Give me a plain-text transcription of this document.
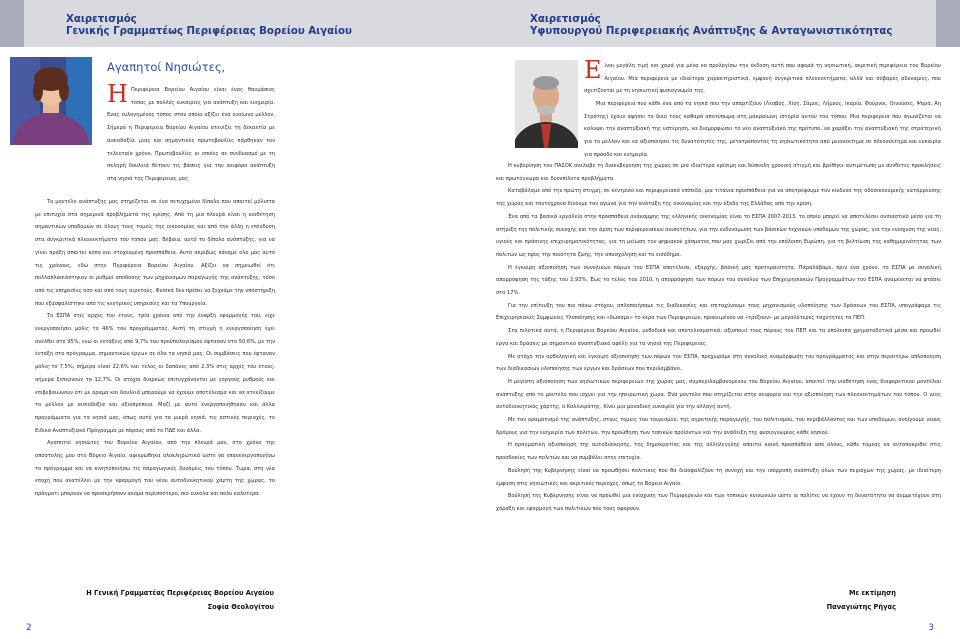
Χαιρετισμός
Γενικής Γραμματέως Περιφέρειας Βορείου Αιγαίου
Αγαπητοί Νησιώτες,
Η Περιφέρεια Βορείου Αιγαίου είναι ένας θαυμάσιος τόπος με πολλές ευκαιρίες για ανάπτυξη και ευημερία. Ενας ευλογημένος τόπος στον οποίο αξίζει ένα ευοίωνο μέλλον. Σήμερα η Περιφέρεια Βορείου Αιγαίου ατενίζει τη δεκαετία με αισιοδοξία, μιας και σημαντικές πρωτοβουλίες πάρθηκαν τον τελευταίο χρόνο. Πρωτοβουλίες οι οποίες σε συνδυασμό με τη σκληρή δουλειά θέτουν τις βάσεις για την αειφόρο ανάπτυξη στα νησιά της Περιφέρειας μας.

Το μοντέλο ανάπτυξης μας στηρίζεται σε ένα πετυχημένο δίπολο που απαιτεί μόλιστα με επιτυχία στα σημερινά προβλήματα της κρίσης. Από τη μια πλευρά είναι η υιοθέτηση σημαντικών υποδομών σε όλους τους τομείς της οικονομίας και από την άλλη η επένδυση στα συγκριτικά πλεονεκτήματα του τόπου μας. Βέβαια, αυτό το δίπολο ανάπτυξης, για να γίνει πράξη απαιτεί κόπο και στοχευμένη προσπάθεια. Αυτό ακριβώς κάναμε όλο μας αυτό τις χρόνους, εδώ στην Περιφέρεια Βορείου Αιγαίου. Αξίζει να σημειωθεί ότι πολλαπλασιάστηκαν οι ρυθμοί απόδοσης των μηχανισμών παραγωγής της ανάπτυξης, τόσο από τις υπηρεσίες όσο και από τους αιρετούς. Φυσικά δεν πρέπει να ξεχνάμε την υποστήριξη που εξασφαλίστηκε από τις κεντρικές υπηρεσίες και τα Υπουργεία.

Το ΕΣΠΑ στις αρχές του έτους, τρία χρόνια από την έναρξη εφαρμογής του, είχε ενεργοποιήσει μόλις το 46% του προγράμματος. Αυτή τη στιγμή η ενεργοποίηση έχει ανέλθει στο 95%, ενώ οι εντάξεις από 9,7% του προϋπολογισμού έφτασαν στο 50,6%, με την ένταξη στο πρόγραμμα, σημαντικών έργων σε όλα τα νησιά μας. Οι συμβάσεις που έφταναν μόλις το 7,5%, σήμερα είναι 22,6% και τέλος οι δαπάνες από 2,3% στις αρχές του έτους, σήμερα ξεπερνούν το 12,7%. Οι στόχοι διαρκώς επιτυγχάνονται με γοργούς ρυθμούς και επιβεβαιώνουν ότι με όραμα και δουλειά μπορούμε να έχουμε αποτέλεσμα και να ατενίζουμε το μέλλον με αισιοδοξία και αξιοπρέπεια. Μαζί με αυτό ενεργοποιήθηκαν και άλλα προγράμματα για τα νησιά μας, όπως αυτό για τα μικρά νησιά, τις αστικές περιοχές, το Ειδικό Αναπτυξιακό Πρόγραμμα με πόρους από το ΠΔΕ και άλλα.

Αγαπητοί νησιώτες του Βορείου Αιγαίου, από την πλευρά μου, στο χρόνο της αποστολής μου στο Βόρειο Αιγαίο, αφιερώθηκα ολοκληρωτικά ώστε να επανενεργοποιήσω το πρόγραμμα και να κινητοποιήσω τις παραγωγικές δυνάμεις του τόπου. Τώρα, στη νέα εποχή που ανατέλλει με την εφαρμογή του νέου αυτοδιοικητικού χάρτη της χώρας, το πράγματι μπορούν να προσκρήσουν ακόμα περισσότερο, πιο ευκολα και πολύ καλύτερα.

Η Γενική Γραμματέας Περιφέρειας Βορείου Αιγαίου
Σοφία Θεολογίτου
2
Χαιρετισμός
Υφυπουργού Περιφερειακής Ανάπτυξης & Ανταγωνιστικότητας
Ε ίναι μεγάλη τιμή και χαρά για μένα να προλογίσω την έκδοση αυτή που αφορά τη νησιωτική, ακριτική περιφέρεια του Βορείου Αιγαίου. Μια περιφέρεια με ιδιαίτερα χαρακτηριστικά, εμφανή συγκριτικά πλεονεκτήματα, αλλά και σοβαρές αδυναμίες, που σχετίζονται με τη νησιωτική φυσιογνωμία της.

Μια περιφέρεια που κάθε ένα από τα νησιά που την απαρτίζουν (Λέσβος, Χίος, Σάμος, Λήμνος, Ικαρία, Φούρνοι, Οινούσες, Ψαρά, Αη Στράτης) έχουν αφήσει το δικό τους καθαρό αποτύπωμα στη μακραίωνη ιστορία αυτού του τόπου. Μια περιφέρεια που αγωνίζεται να καλύψει την αναπτυξιακή της υστέρηση, να διαμορφώσει το νέο αναπτυξιακό της πρότυπο, να χαράξει την αναπτυξιακή της στρατηγική για το μέλλον και να αξιοποιήσει τις δυνατότητές της, μετατρέποντας τη νησιωτικότητα από μειονέκτημα σε πλεονέκτημα και ευκαιρία για πρόοδο και ευημερία.

Η κυβέρνηση του ΠΑΣΟΚ ανέλαβε τη διακυβέρνηση της χώρας σε μια ιδιαίτερα κρίσιμη και δύσκολη χρονική στιγμή και βρέθηκε αντιμέτωπη με σύνθετες προκλήσεις και πρωτόγνωρα και δυσεπίλυτα προβλήματα.

Καταβάλαμε από την πρώτη στιγμή, σε κεντρικό και περιφερειακό επίπεδο, μια τιτάνια προσπάθεια για να αποτρέψουμε τον κίνδυνο της οδοσικονομικής κατάρρευσης της χώρας και ταυτόχρονα δίνουμε τον αγώνα για την ανάταξη της οικονομίας και την έξοδο της Ελλάδας από την κρίση.

Ένα από τα βασικά εργαλεία στην προσπάθεια ανάκαμψης της ελληνικής οικονομίας είναι το ΕΣΠΑ 2007-2013, το οποίο μπορεί να αποτελέσει ουσιαστικό μέσο για τη στήριξη της πολιτικής συνοχής και την άρση των περιφερειακών ανισοτήτων, για την ενδυνάμωση των βασικών τεχνικών υποδομών της χώρας, για την ενίσχυση της νέας, υγιούς και πράσινης επιχειρηματικότητας, για τη μείωση του ψηφιακού χάσματος που μας χωρίζει από την υπόλοιπη Ευρώπη, για τη βελτίωση της καθημερινότητας των πολιτών ως προς την ποιότητα ζωής, την απασχόληση και το εισόδημα.

Η έγκαιρη αξιοποίηση των συνολικών πόρων του ΕΣΠΑ αποτέλεσε, εξαρχής, βασική μας προτεραιότητα. Παραλάβαμε, πριν ένα χρόνο, το ΕΣΠΑ με συνολική απορρόφηση της τάξης του 2,93%. Έως το τέλος του 2010, η απορρόφηση των πόρων του συνόλου των Επιχειρησιακών Προγραμμάτων του ΕΣΠΑ αναμένεται να φτάσει στο 17%.

Για την επίτευξη του πιο πάνω στόχου, απλοποιήσαμε τις διαδικασίες και επιταχύνουμε τους μηχανισμούς υλοποίησης των δράσεων του ΕΣΠΑ, υπογράψαμε τις Επιχειρησιακές Συμφωνίες Υλοποίησης και «δώσαμε» το κέρα των Περιφερειών, προκειμένου να «τρέξουν» με μεγαλύτερες ταχύτητες τα ΠΕΠ.

Στα πιλοτικά αυτά, η Περιφέρεια Βορείου Αιγαίου, μεθοδικά και αποτελεσματικά, αξιοποιεί τους πόρους του ΠΕΠ και τα υπόλοιπα χρηματοδοτικά μέσα και προωθεί έργα και δράσεις με σημαντικό αναπτυξιακό αφέλη για τα νησιά της Περιφέρειας.

Με στόχο την ορθολογική και έγκαιρη αξιοποίηση των πόρων του ΕΣΠΑ, προχωράμε στη συνολική αναμόρφωση του προγράμματος και στην περαιτέρω απλοποίηση των διαδικασιών υλοποίησης των έργων και δράσεων που περιλαμβάνει.

Η μέγιστη αξιοποίηση των νησιωτικών περιφερειών της χώρας μας, συμπεριλαμβανομένου του Βορείου Αιγαίου, απαιτεί την υιοθέτηση ενός διαφορετικού μοντέλου ανάπτυξης από το μοντέλο που ισχύει για την ηπειρωτική χώρα. Ένα μοντέλο που στηρίζεται στην αειφορία και την αξιοποίηση των πλεονεκτημάτων του τόπου. Ο νέος αυτοδιοικητικός χάρτης, ο Καλλικράτης, δίνει μια μοναδική ευκαιρία για την αλλαγή αυτή.

Με τον οραματισμό της ανάπτυξης, στους τομείς του τουρισμού, της αγροτικής παραγωγής, του πολιτισμού, του περιβάλλοντος και των υποδομών, ανοίγουμε νέους δρόμους για την ευημερία των πολιτών, την προώθηση των τοπικών προϊόντων και την ανάδειξη της φυσιογνωμίας κάθε νησιού.

Η πραγματική αξιοποίηση της αυτοδιοίκησης, της δημοκρατίας και της αλληλεγγύης απαιτεί κοινή προσπάθεια από όλους, κάθε τομέας να ανταποκριθεί στις προσδοκίες των πολιτών και να συμβάλει στην επιτυχία.

Βούλησή της Κυβέρνησης είναι να προωθήσει πολιτικές που θα διασφαλίζουν τη συνοχή και την ισόρροπη ανάπτυξη όλων των περιοχών της χώρας, με ιδιαίτερη έμφαση στις νησιωτικές και ακριτικές περιοχές, όπως το Βόρειο Αιγαίο.

Βούλησή της Κυβέρνησης είναι να προωθεί μια ενίσχυση των Περιφερειών και των τοπικών κοινωνιών ώστε οι πολίτες να έχουν τη δυνατότητα να συμμετέχουν στη χάραξη και εφαρμογή των πολιτικών που τους αφορούν.

Με εκτίμηση
Παναγιώτης Ρήγας
3
